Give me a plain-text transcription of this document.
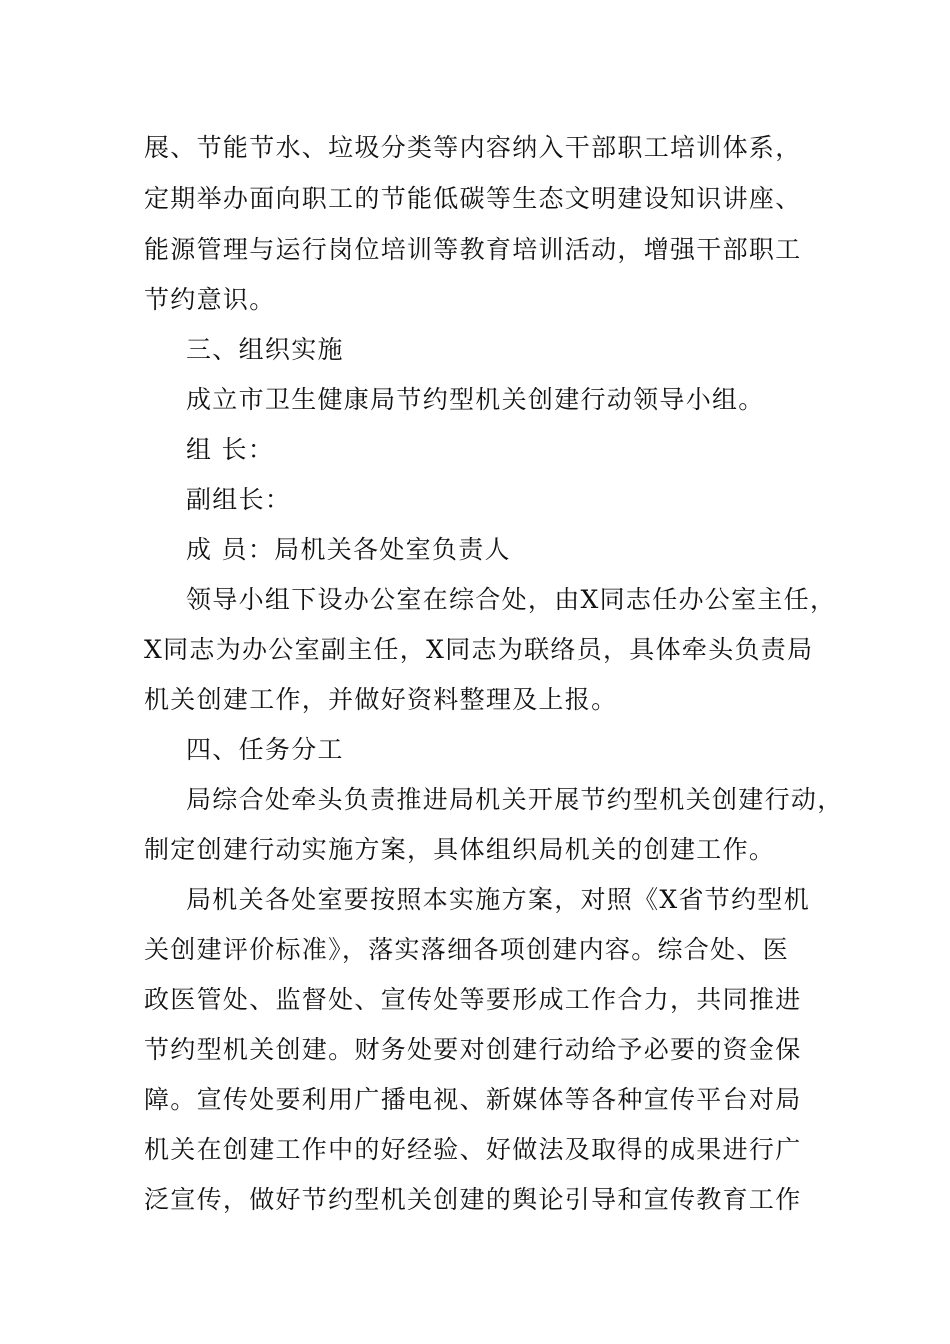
展、节能节水、垃圾分类等内容纳入干部职工培训体系，
定期举办面向职工的节能低碳等生态文明建设知识讲座、
能源管理与运行岗位培训等教育培训活动，增强干部职工
节约意识。
三、组织实施
成立市卫生健康局节约型机关创建行动领导小组。
组 长：
副组长：
成 员：局机关各处室负责人
领导小组下设办公室在综合处，由X同志任办公室主任，
X同志为办公室副主任，X同志为联络员，具体牵头负责局
机关创建工作，并做好资料整理及上报。
四、任务分工
局综合处牵头负责推进局机关开展节约型机关创建行动，
制定创建行动实施方案，具体组织局机关的创建工作。
局机关各处室要按照本实施方案，对照《X省节约型机
关创建评价标准》，落实落细各项创建内容。综合处、医
政医管处、监督处、宣传处等要形成工作合力，共同推进
节约型机关创建。财务处要对创建行动给予必要的资金保
障。宣传处要利用广播电视、新媒体等各种宣传平台对局
机关在创建工作中的好经验、好做法及取得的成果进行广
泛宣传，做好节约型机关创建的舆论引导和宣传教育工作
